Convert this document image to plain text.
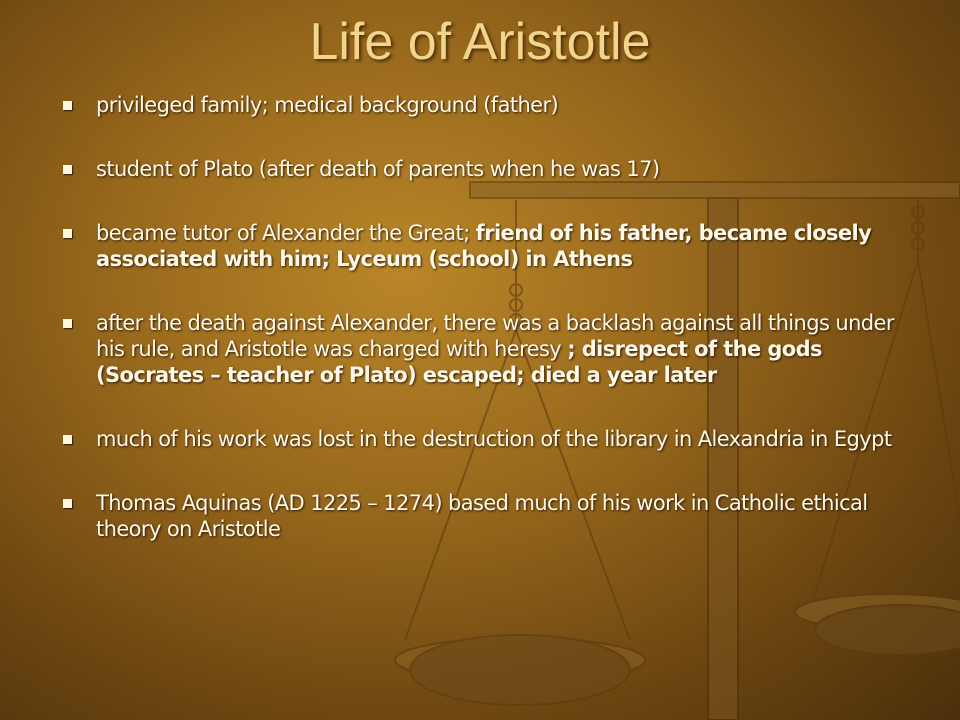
Life of Aristotle
privileged family; medical background (father)
student of Plato (after death of parents when he was 17)
became tutor of Alexander the Great; friend of his father, became closely associated with him; Lyceum (school) in Athens
after the death against Alexander, there was a backlash against all things under his rule, and Aristotle was charged with heresy ; disrepect of the gods (Socrates – teacher of Plato) escaped; died a year later
much of his work was lost in the destruction of the library in Alexandria in Egypt
Thomas Aquinas (AD 1225 – 1274) based much of his work in Catholic ethical theory on Aristotle
